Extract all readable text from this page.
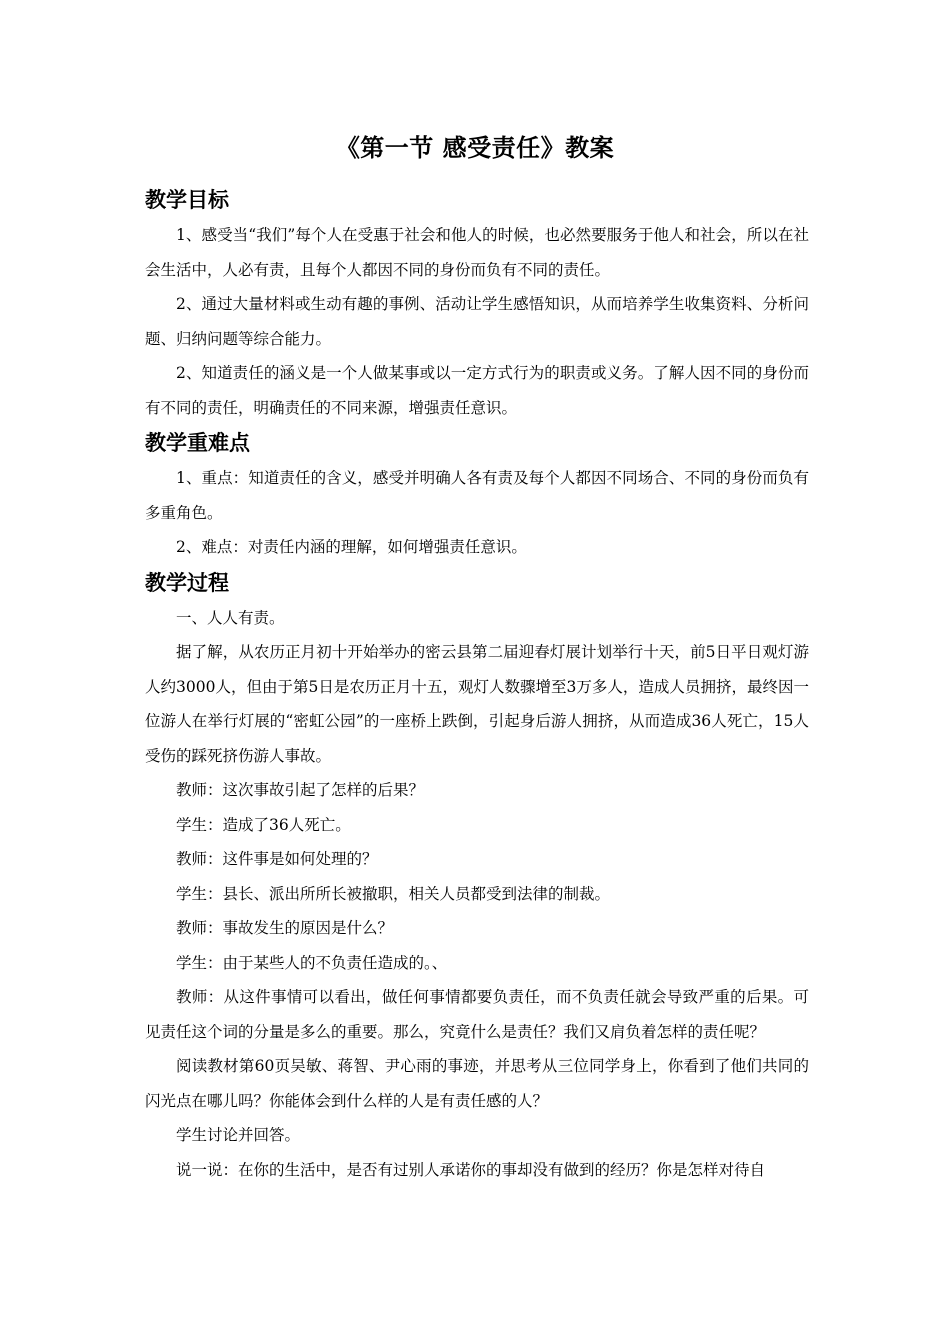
《第一节 感受责任》教案
教学目标

1、感受当“我们”每个人在受惠于社会和他人的时候，也必然要服务于他人和社会，所以在社会生活中，人必有责，且每个人都因不同的身份而负有不同的责任。

2、通过大量材料或生动有趣的事例、活动让学生感悟知识，从而培养学生收集资料、分析问题、归纳问题等综合能力。

2、知道责任的涵义是一个人做某事或以一定方式行为的职责或义务。了解人因不同的身份而有不同的责任，明确责任的不同来源，增强责任意识。

教学重难点

1、重点：知道责任的含义，感受并明确人各有责及每个人都因不同场合、不同的身份而负有多重角色。

2、难点：对责任内涵的理解，如何增强责任意识。

教学过程

一、人人有责。

据了解，从农历正月初十开始举办的密云县第二届迎春灯展计划举行十天，前5日平日观灯游人约3000人，但由于第5日是农历正月十五，观灯人数骤增至3万多人，造成人员拥挤，最终因一位游人在举行灯展的“密虹公园”的一座桥上跌倒，引起身后游人拥挤，从而造成36人死亡，15人受伤的踩死挤伤游人事故。

教师：这次事故引起了怎样的后果？

学生：造成了36人死亡。

教师：这件事是如何处理的？

学生：县长、派出所所长被撤职，相关人员都受到法律的制裁。

教师：事故发生的原因是什么？

学生：由于某些人的不负责任造成的。、

教师：从这件事情可以看出，做任何事情都要负责任，而不负责任就会导致严重的后果。可见责任这个词的分量是多么的重要。那么，究竟什么是责任？我们又肩负着怎样的责任呢？

阅读教材第60页吴敏、蒋智、尹心雨的事迹，并思考从三位同学身上，你看到了他们共同的闪光点在哪儿吗？你能体会到什么样的人是有责任感的人？

学生讨论并回答。

说一说：在你的生活中，是否有过别人承诺你的事却没有做到的经历？你是怎样对待自
